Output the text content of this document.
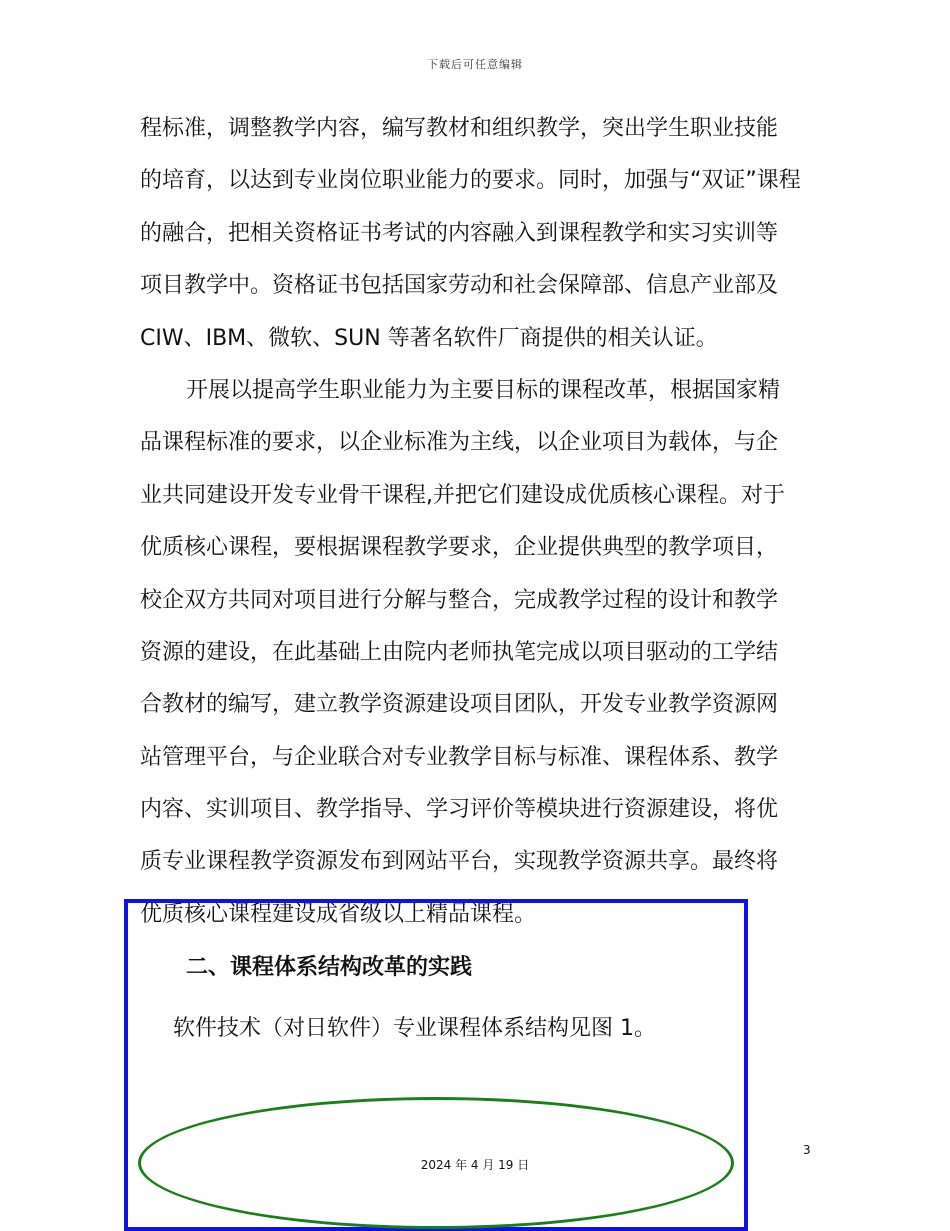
下载后可任意编辑
程标准，调整教学内容，编写教材和组织教学，突出学生职业技能
的培育，以达到专业岗位职业能力的要求。同时，加强与“双证”课程
的融合，把相关资格证书考试的内容融入到课程教学和实习实训等
项目教学中。资格证书包括国家劳动和社会保障部、信息产业部及
CIW、IBM、微软、SUN 等著名软件厂商提供的相关认证。
开展以提高学生职业能力为主要目标的课程改革，根据国家精
品课程标准的要求，以企业标准为主线，以企业项目为载体，与企
业共同建设开发专业骨干课程,并把它们建设成优质核心课程。对于
优质核心课程，要根据课程教学要求，企业提供典型的教学项目，
校企双方共同对项目进行分解与整合，完成教学过程的设计和教学
资源的建设，在此基础上由院内老师执笔完成以项目驱动的工学结
合教材的编写，建立教学资源建设项目团队，开发专业教学资源网
站管理平台，与企业联合对专业教学目标与标准、课程体系、教学
内容、实训项目、教学指导、学习评价等模块进行资源建设，将优
质专业课程教学资源发布到网站平台，实现教学资源共享。最终将
优质核心课程建设成省级以上精品课程。
二、课程体系结构改革的实践
软件技术（对日软件）专业课程体系结构见图 1。
2024 年 4 月 19 日
3
